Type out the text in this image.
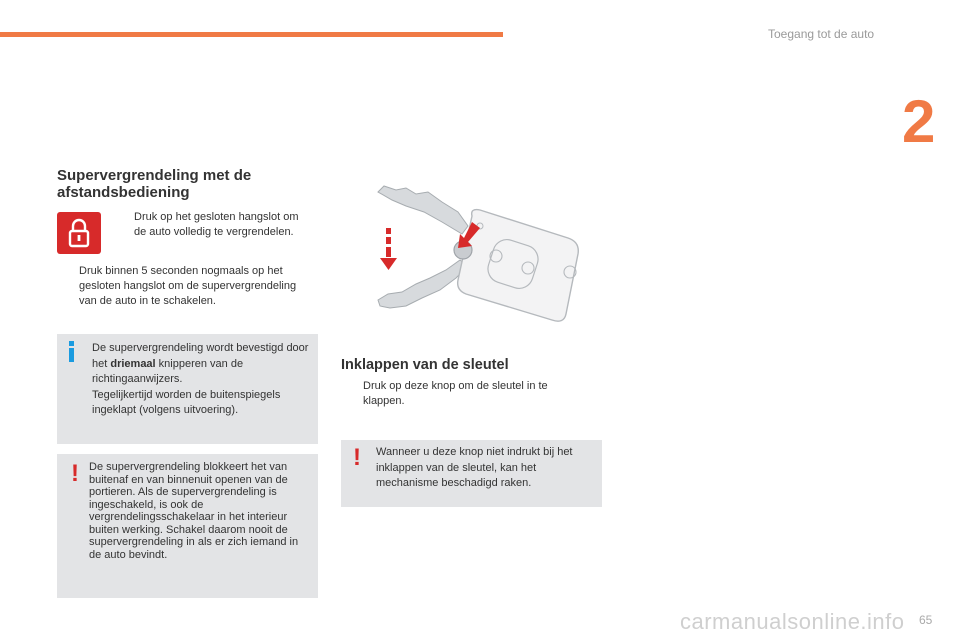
Toegang tot de auto
2
Supervergrendeling met de afstandsbediening
Druk op het gesloten hangslot om de auto volledig te vergrendelen.
Druk binnen 5 seconden nogmaals op het gesloten hangslot om de supervergrendeling van de auto in te schakelen.
De supervergrendeling wordt bevestigd door het driemaal knipperen van de richtingaanwijzers.
Tegelijkertijd worden de buitenspiegels ingeklapt (volgens uitvoering).
! De supervergrendeling blokkeert het van buitenaf en van binnenuit openen van de portieren. Als de supervergrendeling is ingeschakeld, is ook de vergrendelingsschakelaar in het interieur buiten werking. Schakel daarom nooit de supervergrendeling in als er zich iemand in de auto bevindt.
Inklappen van de sleutel
Druk op deze knop om de sleutel in te klappen.
! Wanneer u deze knop niet indrukt bij het inklappen van de sleutel, kan het mechanisme beschadigd raken.
carmanualsonline.info 65
